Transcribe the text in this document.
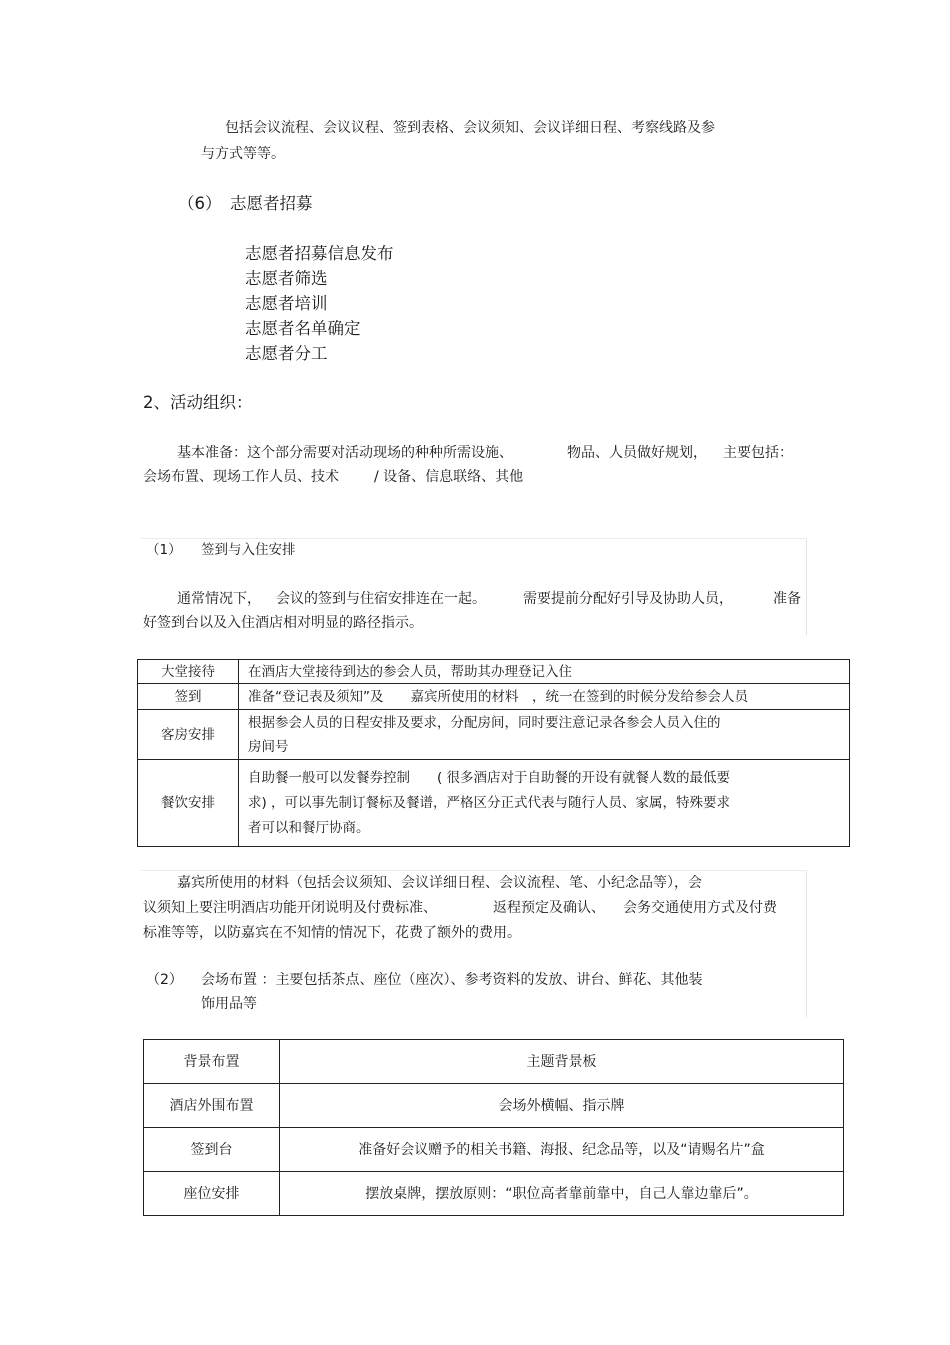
包括会议流程、会议议程、签到表格、会议须知、会议详细日程、考察线路及参
与方式等等。
（6） 志愿者招募
志愿者招募信息发布
志愿者筛选
志愿者培训
志愿者名单确定
志愿者分工
2、活动组织：
基本准备：这个部分需要对活动现场的种种所需设施、	物品、人员做好规划， 主要包括：
会场布置、现场工作人员、技术	/ 设备、信息联络、其他
（1） 签到与入住安排
通常情况下， 会议的签到与住宿安排连在一起。	需要提前分配好引导及协助人员，	准备
好签到台以及入住酒店相对明显的路径指示。
大堂接待	在酒店大堂接待到达的参会人员，帮助其办理登记入住

签到	准备“登记表及须知”及　　嘉宾所使用的材料　，统一在签到的时候分发给参会人员

客房安排	根据参会人员的日程安排及要求，分配房间，同时要注意记录各参会人员入住的
房间号

餐饮安排	自助餐一般可以发餐券控制　　( 很多酒店对于自助餐的开设有就餐人数的最低要
求) ，可以事先制订餐标及餐谱，严格区分正式代表与随行人员、家属，特殊要求
者可以和餐厅协商。
嘉宾所使用的材料（包括会议须知、会议详细日程、会议流程、笔、小纪念品等），会
议须知上要注明酒店功能开闭说明及付费标准、	返程预定及确认、 会务交通使用方式及付费
标准等等，以防嘉宾在不知情的情况下，花费了额外的费用。
（2） 会场布置 ：主要包括茶点、座位（座次）、参考资料的发放、讲台、鲜花、其他装
饰用品等
背景布置	主题背景板
酒店外围布置	会场外横幅、指示牌
签到台	准备好会议赠予的相关书籍、海报、纪念品等，以及“请赐名片”盒
座位安排	摆放桌牌，摆放原则：“职位高者靠前靠中，自己人靠边靠后”。
